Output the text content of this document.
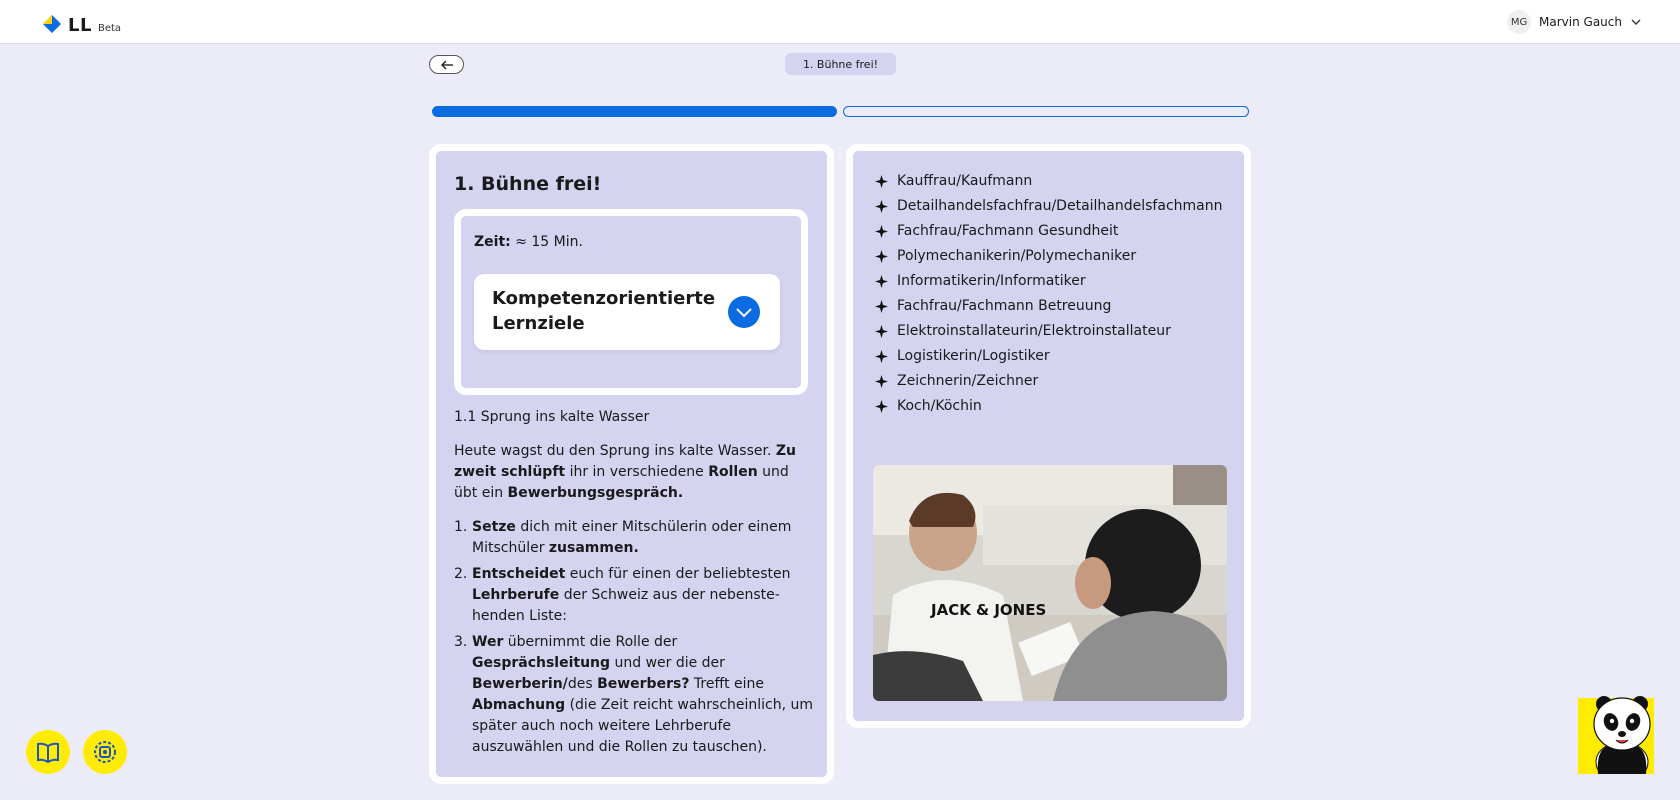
LL Beta
MG Marvin Gauch
1. Bühne frei!
1. Bühne frei!
Zeit: ≈ 15 Min.
Kompetenzorientierte Lernziele
1.1 Sprung ins kalte Wasser
Heute wagst du den Sprung ins kalte Wasser. Zu zweit schlüpft ihr in verschiedene Rollen und übt ein Bewerbungsgespräch.
1. Setze dich mit einer Mitschülerin oder einem Mitschüler zusammen.
2. Entscheidet euch für einen der beliebtesten Lehrberufe der Schweiz aus der nebenstehenden Liste:
3. Wer übernimmt die Rolle der Gesprächsleitung und wer die der Bewerberin/des Bewerbers? Trefft eine Abmachung (die Zeit reicht wahrscheinlich, um später auch noch weitere Lehrberufe auszuwählen und die Rollen zu tauschen).
Kauffrau/Kaufmann
Detailhandelsfachfrau/Detailhandelsfachmann
Fachfrau/Fachmann Gesundheit
Polymechanikerin/Polymechaniker
Informatikerin/Informatiker
Fachfrau/Fachmann Betreuung
Elektroinstallateurin/Elektroinstallateur
Logistikerin/Logistiker
Zeichnerin/Zeichner
Koch/Köchin
JACK & JONES
